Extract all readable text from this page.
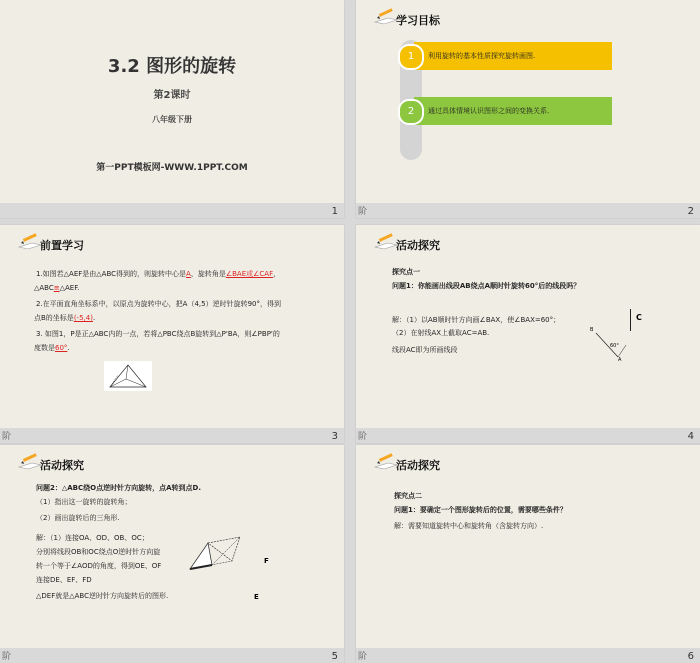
3.2 图形的旋转
第2课时
八年级下册
第一PPT模板网-WWW.1PPT.COM
1
学习目标
1	利用旋转的基本性质探究旋转画图.
2	通过具体情境认识图形之间的变换关系.
阶	2
前置学习
1.如图若△AEF是由△ABC得到的，则旋转中心是A，旋转角是∠BAE或∠CAF，
△ABC≌△AEF.
2.在平面直角坐标系中，以原点为旋转中心，把A（4,5）逆时针旋转90°，得到
点B的坐标是(-5,4).
3. 如图1，P是正△ABC内的一点，若将△PBC绕点B旋转到△P'BA，则∠PBP'的
度数是60°.
阶	3
活动探究
探究点一
问题1：你能画出线段AB绕点A顺时针旋转60°后的线段吗？
解：（1）以AB顺时针方向画∠BAX，使∠BAX=60°；
（2）在射线AX上截取AC=AB.
线段AC即为所画线段
C
B
60°
A
阶	4
活动探究
问题2：△ABC绕O点逆时针方向旋转，点A转到点D.
（1）指出这一旋转的旋转角；
（2）画出旋转后的三角形.
解：（1）连接OA、OD、OB、OC；
分别将线段OB和OC绕点O逆时针方向旋
转一个等于∠AOD的角度，得到OE、OF
连接DE、EF、FD
△DEF就是△ABC逆时针方向旋转后的图形.
F
E
阶	5
活动探究
探究点二
问题1：要确定一个图形旋转后的位置，需要哪些条件？
解：需要知道旋转中心和旋转角（含旋转方向）.
阶	6
